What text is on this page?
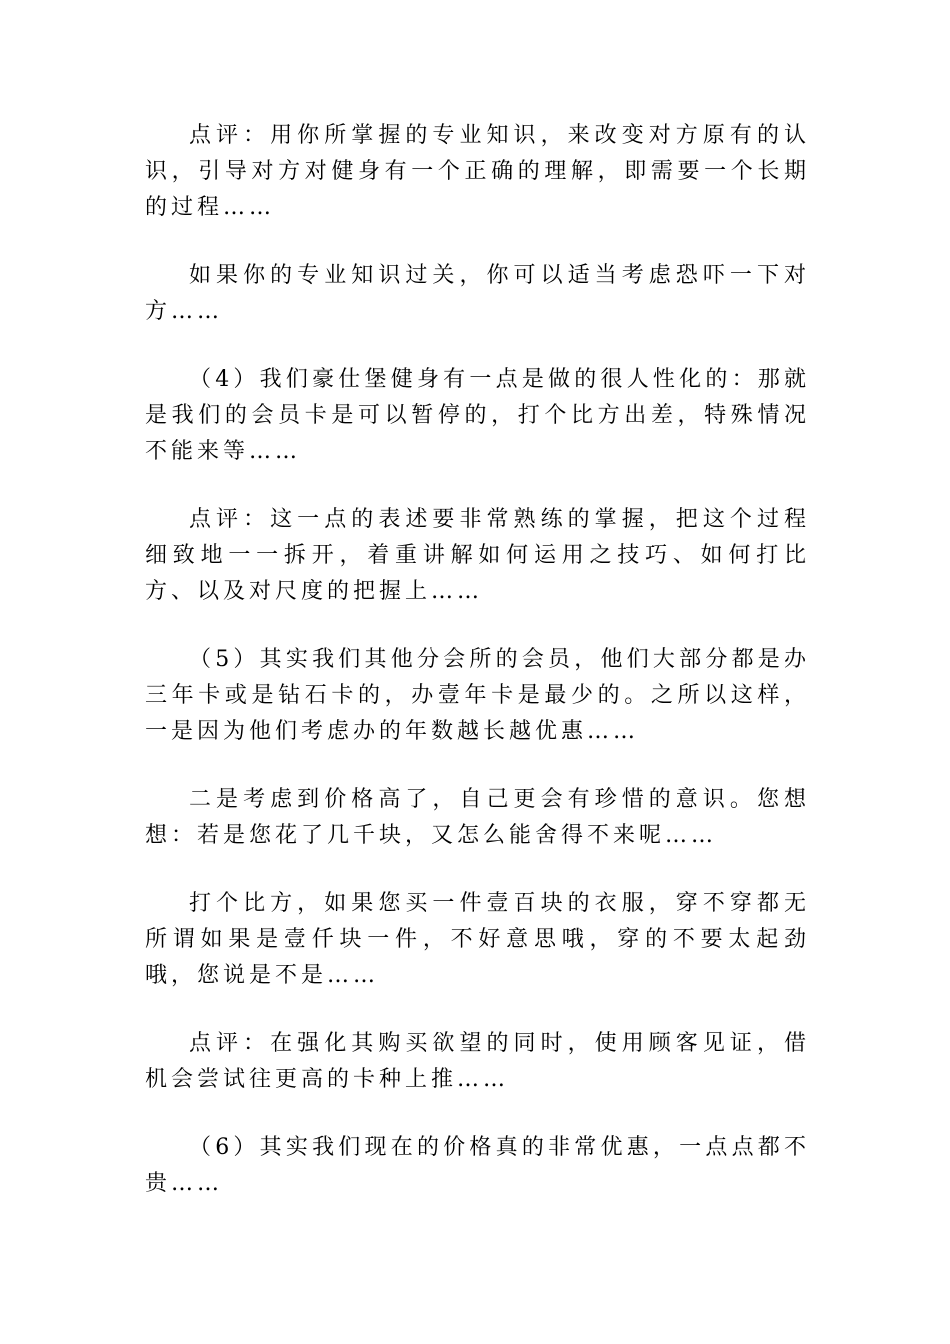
点评：用你所掌握的专业知识，来改变对方原有的认识，引导对方对健身有一个正确的理解，即需要一个长期的过程……

如果你的专业知识过关，你可以适当考虑恐吓一下对方……

（4）我们豪仕堡健身有一点是做的很人性化的：那就是我们的会员卡是可以暂停的，打个比方出差，特殊情况不能来等……

点评：这一点的表述要非常熟练的掌握，把这个过程细致地一一拆开，着重讲解如何运用之技巧、如何打比方、以及对尺度的把握上……

（5）其实我们其他分会所的会员，他们大部分都是办三年卡或是钻石卡的，办壹年卡是最少的。之所以这样，一是因为他们考虑办的年数越长越优惠……

二是考虑到价格高了，自己更会有珍惜的意识。您想想：若是您花了几千块，又怎么能舍得不来呢……

打个比方，如果您买一件壹百块的衣服，穿不穿都无所谓如果是壹仟块一件，不好意思哦，穿的不要太起劲哦，您说是不是……

点评：在强化其购买欲望的同时，使用顾客见证，借机会尝试往更高的卡种上推……

（6）其实我们现在的价格真的非常优惠，一点点都不贵……
